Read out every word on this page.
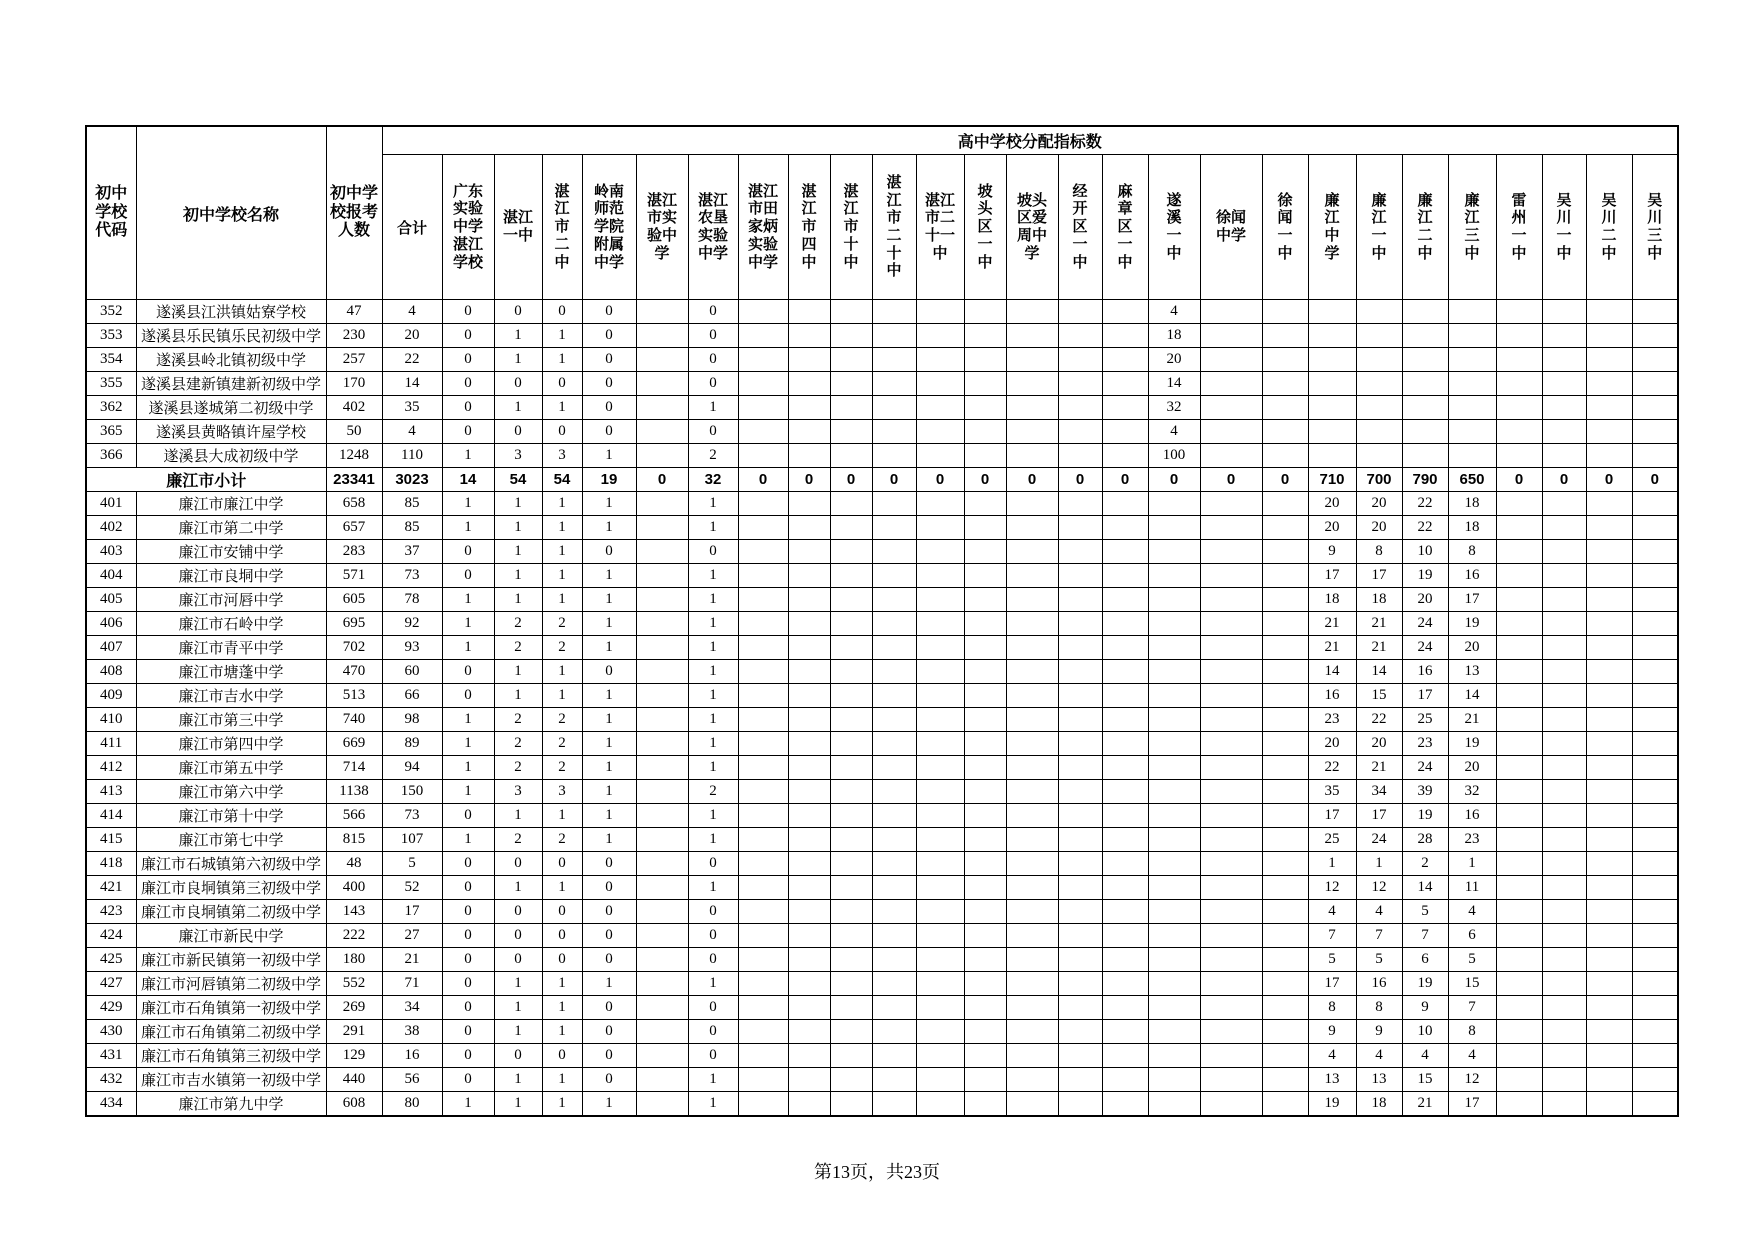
初中学校代码	初中学校名称	初中学校报考人数	高中学校分配指标数																										
			合计	广东实验中学湛江学校	湛江一中	湛江市二中	岭南师范学院附属中学	湛江市实验中学	湛江农垦实验中学	湛江市田家炳实验中学	湛江市四中	湛江市十中	湛江市二十中	湛江市二十一中	坡头区一中	坡头区爱周中学	经开区一中	麻章区一中	遂溪一中	徐闻中学	徐闻一中	廉江中学	廉江一中	廉江二中	廉江三中	雷州一中	吴川一中	吴川二中	吴川三中
352	遂溪县江洪镇姑寮学校	47	4	0	0	0	0		0										4										
353	遂溪县乐民镇乐民初级中学	230	20	0	1	1	0		0										18										
354	遂溪县岭北镇初级中学	257	22	0	1	1	0		0										20										
355	遂溪县建新镇建新初级中学	170	14	0	0	0	0		0										14										
362	遂溪县遂城第二初级中学	402	35	0	1	1	0		1										32										
365	遂溪县黄略镇许屋学校	50	4	0	0	0	0		0										4										
366	遂溪县大成初级中学	1248	110	1	3	3	1		2										100										
廉江市小计		23341	3023	14	54	54	19	0	32	0	0	0	0	0	0	0	0	0	0	0	0	710	700	790	650	0	0	0	0
401	廉江市廉江中学	658	85	1	1	1	1		1													20	20	22	18				
402	廉江市第二中学	657	85	1	1	1	1		1													20	20	22	18				
403	廉江市安铺中学	283	37	0	1	1	0		0													9	8	10	8				
404	廉江市良垌中学	571	73	0	1	1	1		1													17	17	19	16				
405	廉江市河唇中学	605	78	1	1	1	1		1													18	18	20	17				
406	廉江市石岭中学	695	92	1	2	2	1		1													21	21	24	19				
407	廉江市青平中学	702	93	1	2	2	1		1													21	21	24	20				
408	廉江市塘蓬中学	470	60	0	1	1	0		1													14	14	16	13				
409	廉江市吉水中学	513	66	0	1	1	1		1													16	15	17	14				
410	廉江市第三中学	740	98	1	2	2	1		1													23	22	25	21				
411	廉江市第四中学	669	89	1	2	2	1		1													20	20	23	19				
412	廉江市第五中学	714	94	1	2	2	1		1													22	21	24	20				
413	廉江市第六中学	1138	150	1	3	3	1		2													35	34	39	32				
414	廉江市第十中学	566	73	0	1	1	1		1													17	17	19	16				
415	廉江市第七中学	815	107	1	2	2	1		1													25	24	28	23				
418	廉江市石城镇第六初级中学	48	5	0	0	0	0		0													1	1	2	1				
421	廉江市良垌镇第三初级中学	400	52	0	1	1	0		1													12	12	14	11				
423	廉江市良垌镇第二初级中学	143	17	0	0	0	0		0													4	4	5	4				
424	廉江市新民中学	222	27	0	0	0	0		0													7	7	7	6				
425	廉江市新民镇第一初级中学	180	21	0	0	0	0		0													5	5	6	5				
427	廉江市河唇镇第二初级中学	552	71	0	1	1	1		1													17	16	19	15				
429	廉江市石角镇第一初级中学	269	34	0	1	1	0		0													8	8	9	7				
430	廉江市石角镇第二初级中学	291	38	0	1	1	0		0													9	9	10	8				
431	廉江市石角镇第三初级中学	129	16	0	0	0	0		0													4	4	4	4				
432	廉江市吉水镇第一初级中学	440	56	0	1	1	0		1													13	13	15	12				
434	廉江市第九中学	608	80	1	1	1	1		1													19	18	21	17				
第13页，共23页
